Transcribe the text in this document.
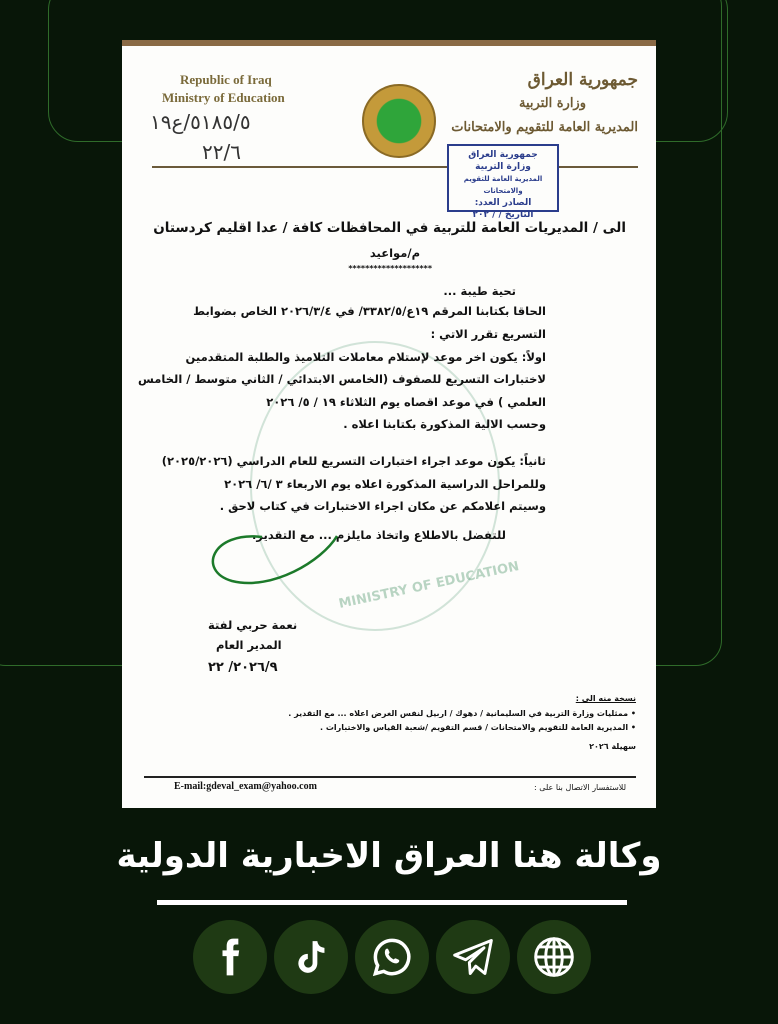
Republic of Iraq
Ministry of Education
٥١٨٥/٥/ع١٩
٢٢/٦
جمهورية العراق
وزارة التربية
المديرية العامة للتقويم والامتحانات
جمهورية العراق
وزارة التربية
المديرية العامة للتقويم والامتحانات
الصادر العدد:
التاريخ / / ٢٠٢
MINISTRY OF EDUCATION
الى / المديريات العامة للتربية في المحافظات كافة / عدا اقليم كردستان
م/مواعيد
********************
تحية طيبة ...
الحاقا بكتابنا المرقم ١٩ع/٣٣٨٢/٥/ في ٢٠٢٦/٣/٤ الخاص بضوابط
التسريع تقرر الاتي :
اولاً: يكون اخر موعد لإستلام معاملات التلاميذ والطلبة المتقدمين
لاختبارات التسريع للصفوف (الخامس الابتدائي / الثاني متوسط / الخامس
العلمي ) في موعد اقصاه يوم الثلاثاء ١٩ / ٥/ ٢٠٢٦
وحسب الالية المذكورة بكتابنا اعلاه .
ثانياً: يكون موعد اجراء اختبارات التسريع للعام الدراسي (٢٠٢٥/٢٠٢٦)
وللمراحل الدراسية المذكورة اعلاه يوم الاربعاء ٣ /٦/ ٢٠٢٦
وسيتم اعلامكم عن مكان اجراء الاختبارات في كتاب لاحق .
للتفضل بالاطلاع واتخاذ مايلزم ... مع التقدير.
نعمة حربي لفتة
المدير العام
٢٠٢٦/٩/ ٢٢
نسخة منه الى :
• ممثليات وزارة التربية في السليمانية / دهوك / اربيل لنفس الغرض اعلاه ... مع التقدير .
• المديرية العامة للتقويم والامتحانات / قسم التقويم /شعبة القياس والاختبارات .
سهيلة ٢٠٢٦
للاستفسار الاتصال بنا على :
E-mail:gdeval_exam@yahoo.com
وكالة هنا العراق الاخبارية الدولية
